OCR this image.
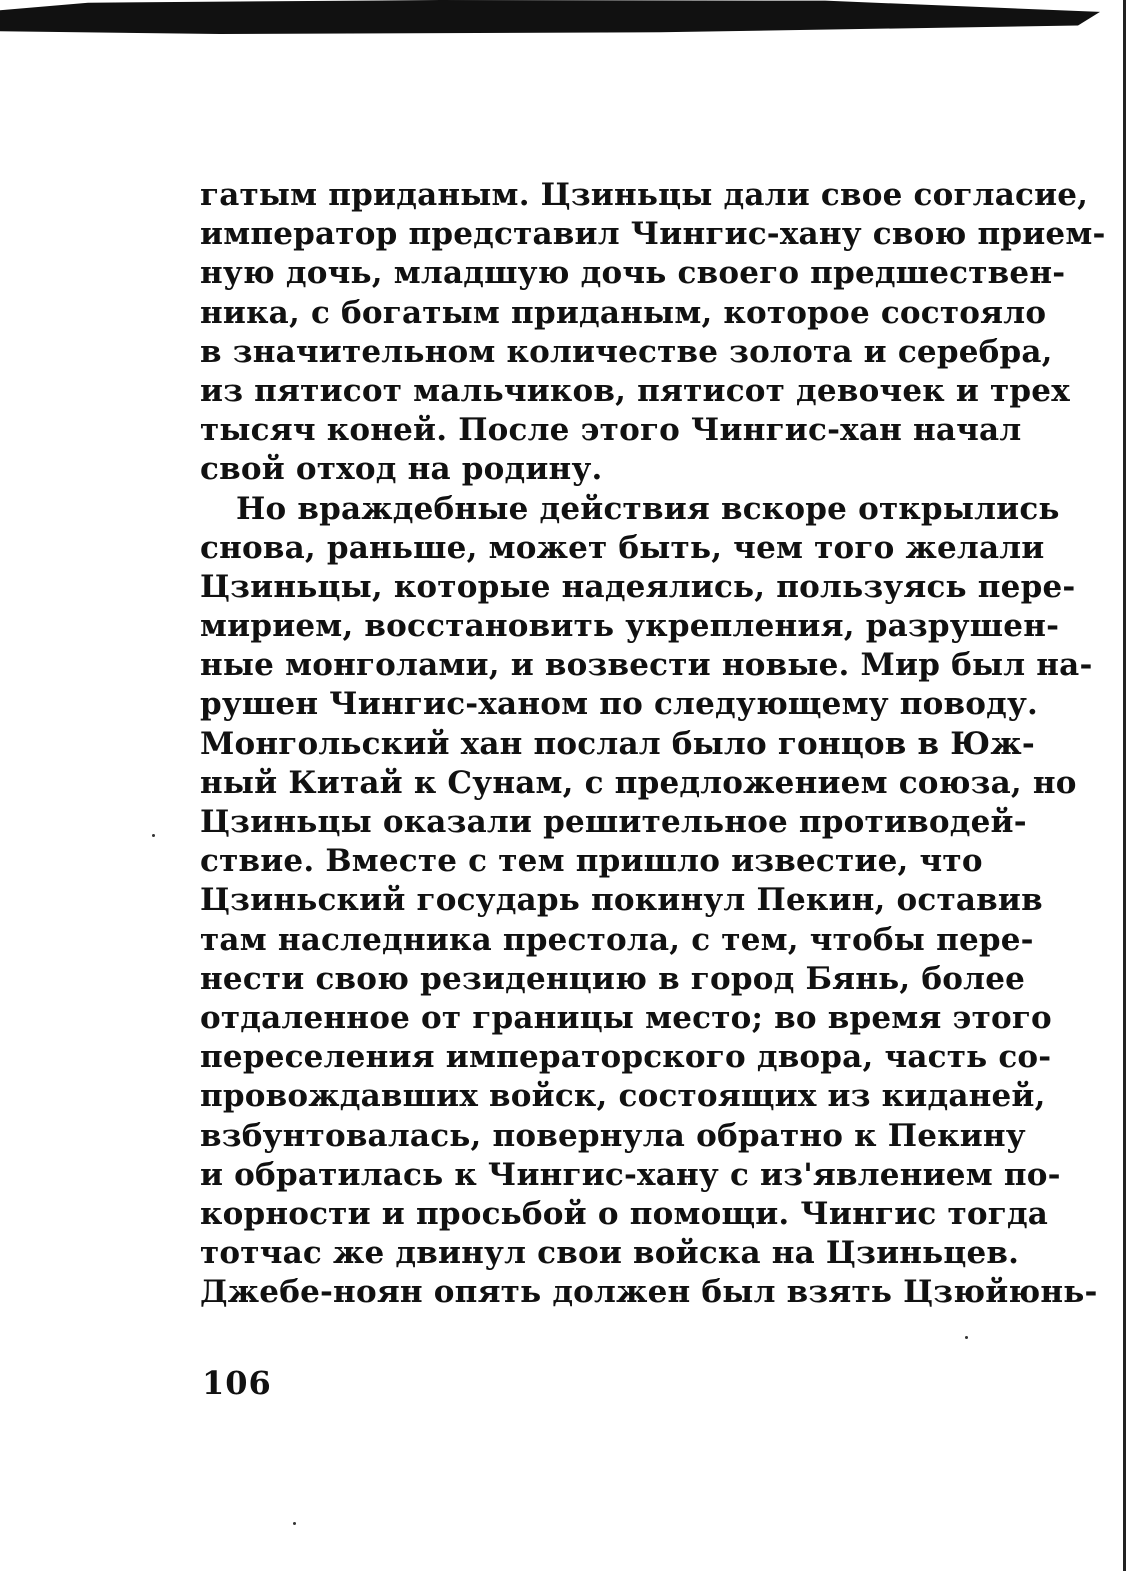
гатым приданым. Цзиньцы дали свое согласие,
император представил Чингис-хану свою прием-
ную дочь, младшую дочь своего предшествен-
ника, с богатым приданым, которое состояло
в значительном количестве золота и серебра,
из пятисот мальчиков, пятисот девочек и трех
тысяч коней. После этого Чингис-хан начал
свой отход на родину.
Но враждебные действия вскоре открылись
снова, раньше, может быть, чем того желали
Цзиньцы, которые надеялись, пользуясь пере-
мирием, восстановить укрепления, разрушен-
ные монголами, и возвести новые. Мир был на-
рушен Чингис-ханом по следующему поводу.
Монгольский хан послал было гонцов в Юж-
ный Китай к Сунам, с предложением союза, но
Цзиньцы оказали решительное противодей-
ствие. Вместе с тем пришло известие, что
Цзиньский государь покинул Пекин, оставив
там наследника престола, с тем, чтобы пере-
нести свою резиденцию в город Бянь, более
отдаленное от границы место; во время этого
переселения императорского двора, часть со-
провождавших войск, состоящих из киданей,
взбунтовалась, повернула обратно к Пекину
и обратилась к Чингис-хану с из'явлением по-
корности и просьбой о помощи. Чингис тогда
тотчас же двинул свои войска на Цзиньцев.
Джебе-ноян опять должен был взять Цзюйюнь-
106
